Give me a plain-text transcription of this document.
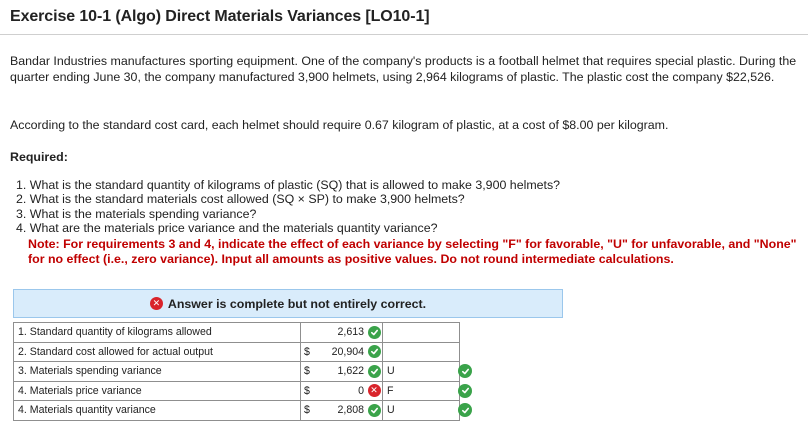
Exercise 10-1 (Algo) Direct Materials Variances [LO10-1]
Bandar Industries manufactures sporting equipment. One of the company's products is a football helmet that requires special plastic. During the quarter ending June 30, the company manufactured 3,900 helmets, using 2,964 kilograms of plastic. The plastic cost the company $22,526.
According to the standard cost card, each helmet should require 0.67 kilogram of plastic, at a cost of $8.00 per kilogram.
Required:
1. What is the standard quantity of kilograms of plastic (SQ) that is allowed to make 3,900 helmets?
2. What is the standard materials cost allowed (SQ × SP) to make 3,900 helmets?
3. What is the materials spending variance?
4. What are the materials price variance and the materials quantity variance?
Note: For requirements 3 and 4, indicate the effect of each variance by selecting "F" for favorable, "U" for unfavorable, and "None" for no effect (i.e., zero variance). Input all amounts as positive values. Do not round intermediate calculations.
✕ Answer is complete but not entirely correct.
1. Standard quantity of kilograms allowed	2,613	

2. Standard cost allowed for actual output	$ 20,904	

3. Materials spending variance	$ 1,622	U
4. Materials price variance	$ 0 ✕	F
4. Materials quantity variance	$ 2,808	U
